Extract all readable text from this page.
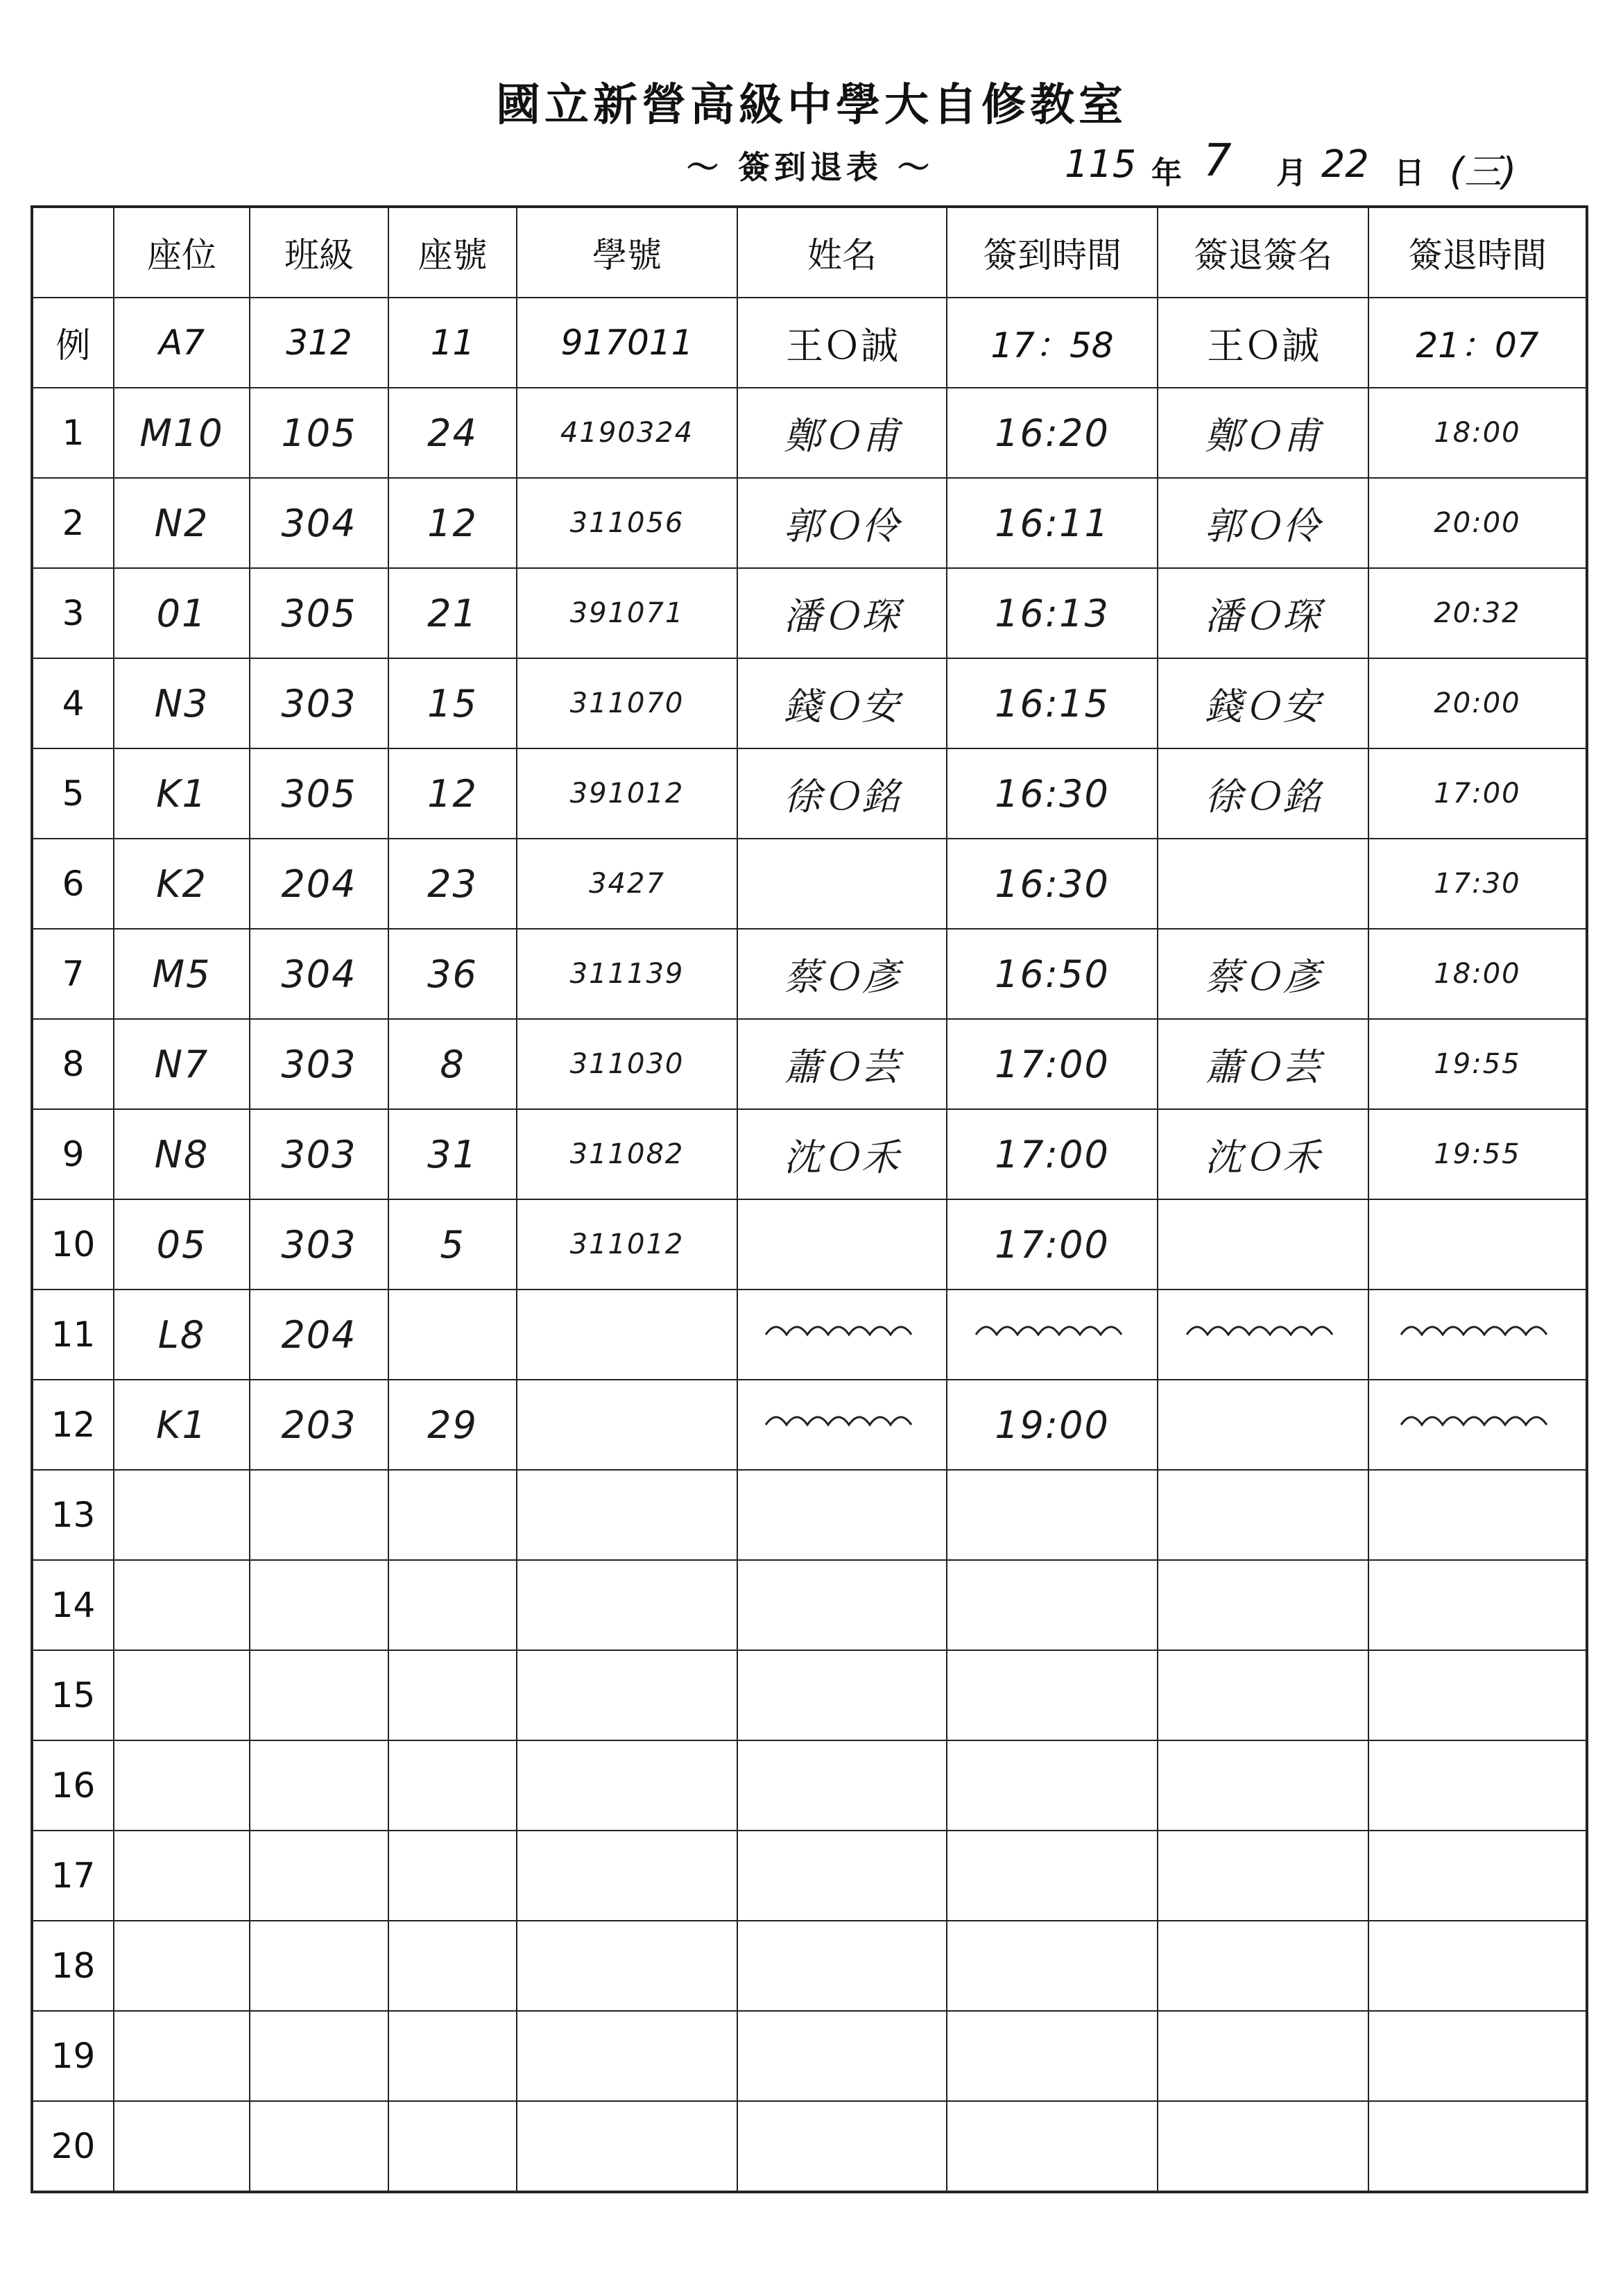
國立新營高級中學大自修教室
～ 簽到退表 ～	115 年 7 月 22 日 (三)
	座位	班級	座號	學號	姓名	簽到時間	簽退簽名	簽退時間
例	A7	312	11	917011	王Ｏ誠	17：58	王Ｏ誠	21：07
1	M10	105	24	4190324	鄭Ｏ甫	16:20	鄭Ｏ甫	18:00
2	N2	304	12	311056	郭Ｏ伶	16:11	郭Ｏ伶	20:00
3	01	305	21	391071	潘Ｏ琛	16:13	潘Ｏ琛	20:32
4	N3	303	15	311070	錢Ｏ安	16:15	錢Ｏ安	20:00
5	K1	305	12	391012	徐Ｏ銘	16:30	徐Ｏ銘	17:00
6	K2	204	23	3427		16:30		17:30
7	M5	304	36	311139	蔡Ｏ彥	16:50	蔡Ｏ彥	18:00
8	N7	303	8	311030	蕭Ｏ芸	17:00	蕭Ｏ芸	19:55
9	N8	303	31	311082	沈Ｏ禾	17:00	沈Ｏ禾	19:55
10	05	303	5	311012		17:00		
11	L8	204			

12	K1	203	29			19:00		

13								
14								
15								
16								
17								
18								
19								
20								
